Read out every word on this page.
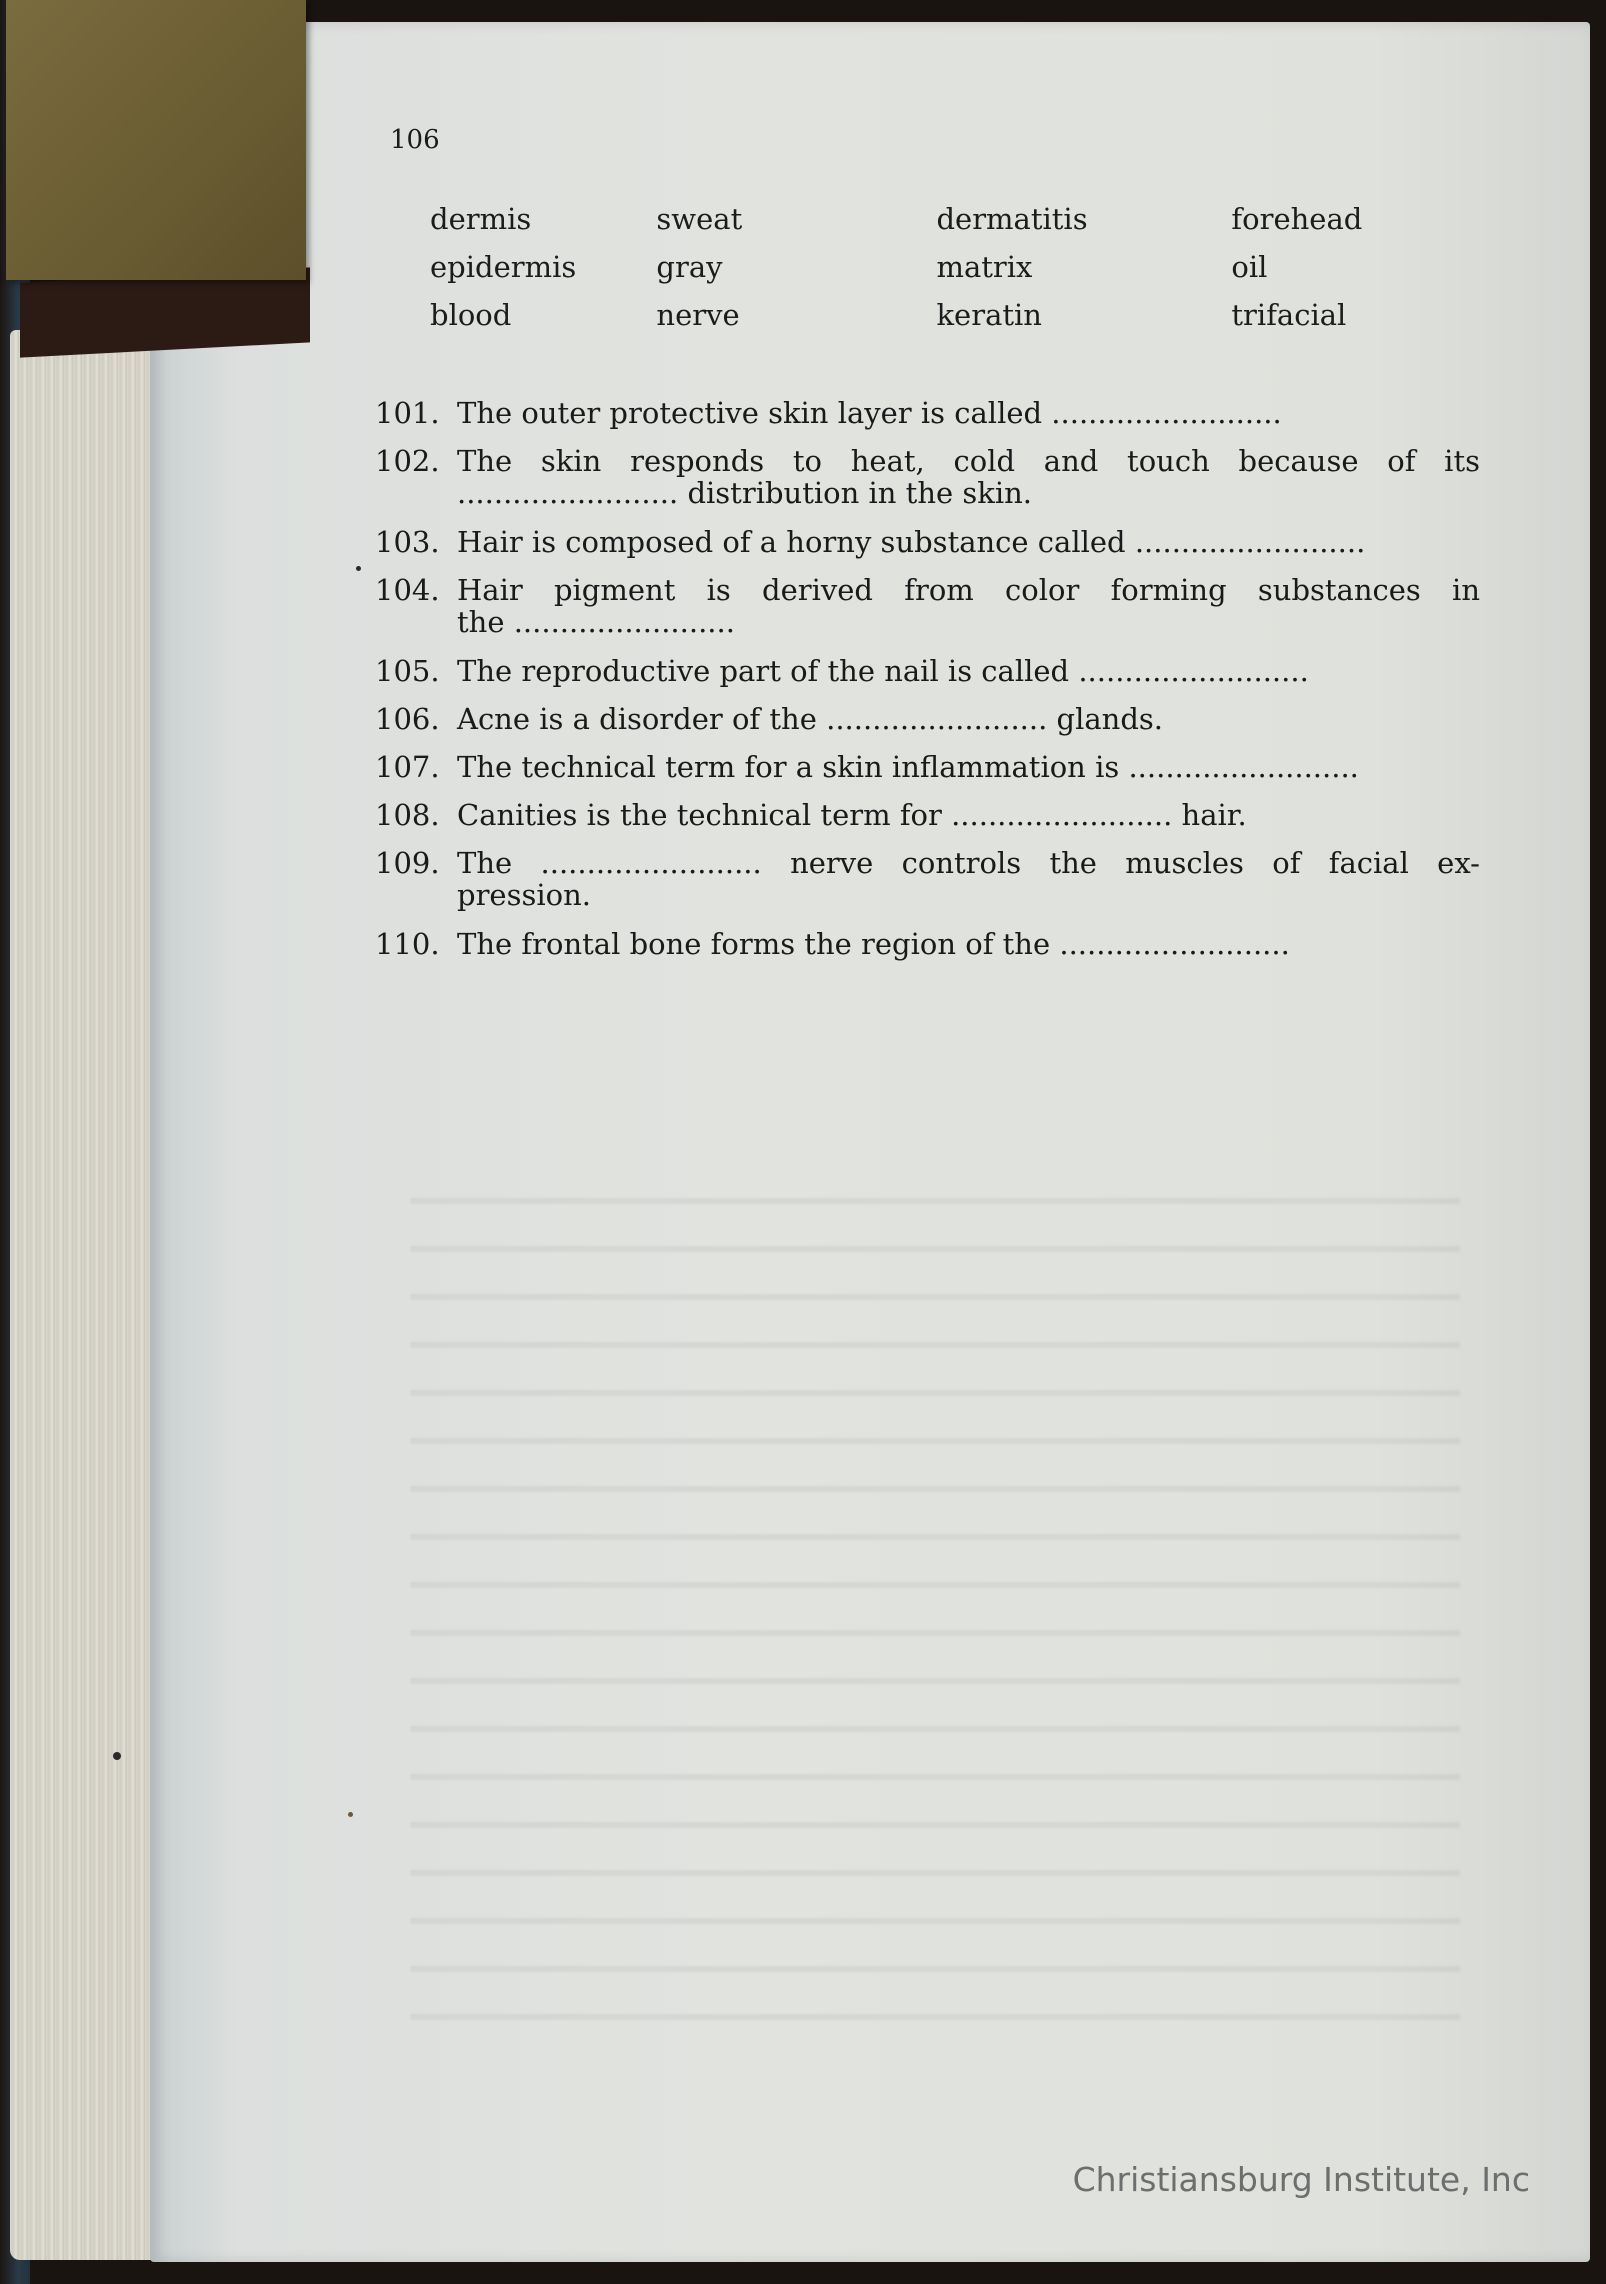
106
dermis	sweat	dermatitis	forehead
epidermis	gray	matrix	oil
blood	nerve	keratin	trifacial
101. The outer protective skin layer is called .........................
102. The skin responds to heat, cold and touch because of its
........................ distribution in the skin.
103. Hair is composed of a horny substance called .........................
104. Hair pigment is derived from color forming substances in
the ........................
105. The reproductive part of the nail is called .........................
106. Acne is a disorder of the ........................ glands.
107. The technical term for a skin inflammation is .........................
108. Canities is the technical term for ........................ hair.
109. The ........................ nerve controls the muscles of facial ex-
pression.
110. The frontal bone forms the region of the .........................
Christiansburg Institute, Inc
